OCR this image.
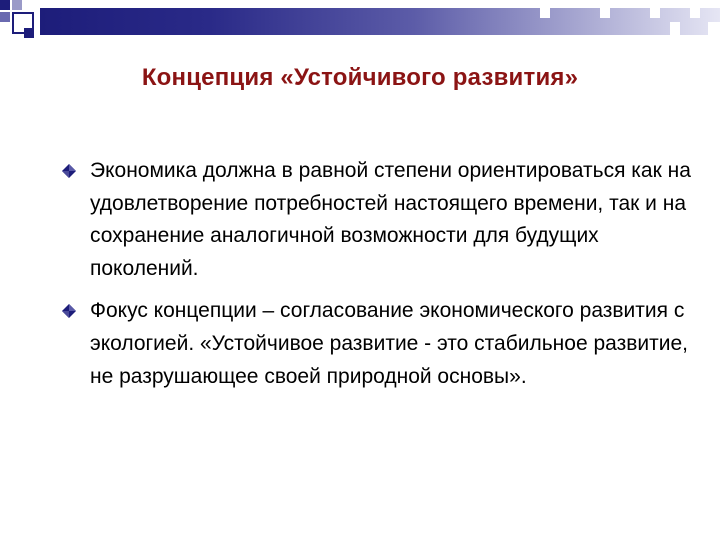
Концепция «Устойчивого развития»
Экономика должна в равной степени ориентироваться как на удовлетворение потребностей настоящего времени, так и на сохранение аналогичной возможности для будущих поколений.
Фокус концепции – согласование экономического развития с экологией. «Устойчивое развитие - это стабильное развитие, не разрушающее своей природной основы».
